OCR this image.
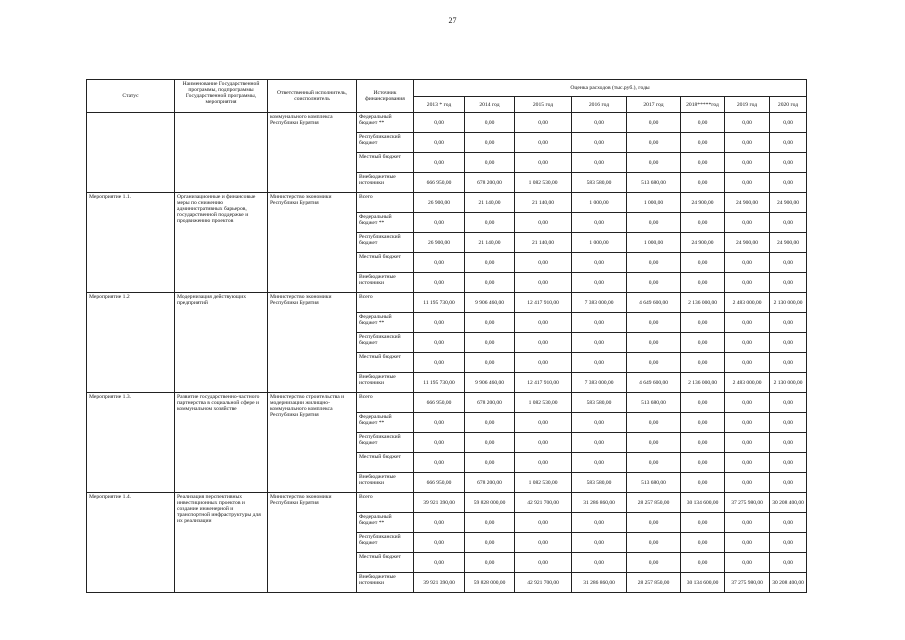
27
Статус	Наименование Государственной программы, подпрограммы Государственной программы, мероприятия	Ответственный исполнитель, соисполнитель	Источник финансирования	Оценка расходов (тыс.руб.), годы							
				2013 * год	2014 год	2015 год	2016 год	2017 год	2018*****год	2019 год	2020 год
		коммунального комплекса Республики Бурятия	Федеральный бюджет **	0,00	0,00	0,00	0,00	0,00	0,00	0,00	0,00
			Республиканский бюджет	0,00	0,00	0,00	0,00	0,00	0,00	0,00	0,00
			Местный бюджет	0,00	0,00	0,00	0,00	0,00	0,00	0,00	0,00
			Внебюджетные источники	666 950,00	678 200,00	1 082 530,00	583 580,00	513 680,00	0,00	0,00	0,00
Мероприятие 1.1.	Организационные и финансовые меры по снижению административных барьеров, государственной поддержке и продвижению проектов	Министерство экономики Республики Бурятия	Всего	26 900,00	21 140,00	21 140,00	1 000,00	1 000,00	24 900,00	24 900,00	24 900,00
			Федеральный бюджет **	0,00	0,00	0,00	0,00	0,00	0,00	0,00	0,00
			Республиканский бюджет	26 900,00	21 140,00	21 140,00	1 000,00	1 000,00	24 900,00	24 900,00	24 900,00
			Местный бюджет	0,00	0,00	0,00	0,00	0,00	0,00	0,00	0,00
			Внебюджетные источники	0,00	0,00	0,00	0,00	0,00	0,00	0,00	0,00
Мероприятие 1.2	Модернизация действующих предприятий	Министерство экономики Республики Бурятия	Всего	11 195 730,00	9 906 460,00	12 417 910,00	7 383 000,00	4 649 600,00	2 136 000,00	2 483 000,00	2 130 000,00
			Федеральный бюджет **	0,00	0,00	0,00	0,00	0,00	0,00	0,00	0,00
			Республиканский бюджет	0,00	0,00	0,00	0,00	0,00	0,00	0,00	0,00
			Местный бюджет	0,00	0,00	0,00	0,00	0,00	0,00	0,00	0,00
			Внебюджетные источники	11 195 730,00	9 906 460,00	12 417 910,00	7 383 000,00	4 649 600,00	2 136 000,00	2 483 000,00	2 130 000,00
Мероприятие 1.3.	Развитие государственно-частного партнерства в социальной сфере и коммунальном хозяйстве	Министерство строительства и модернизации жилищно-коммунального комплекса Республики Бурятия	Всего	666 950,00	678 200,00	1 082 530,00	583 580,00	513 680,00	0,00	0,00	0,00
			Федеральный бюджет **	0,00	0,00	0,00	0,00	0,00	0,00	0,00	0,00
			Республиканский бюджет	0,00	0,00	0,00	0,00	0,00	0,00	0,00	0,00
			Местный бюджет	0,00	0,00	0,00	0,00	0,00	0,00	0,00	0,00
			Внебюджетные источники	666 950,00	678 200,00	1 082 530,00	583 580,00	513 680,00	0,00	0,00	0,00
Мероприятие 1.4.	Реализация перспективных инвестиционных проектов и создание инженерной и транспортной инфраструктуры для их реализации	Министерство экономики Республики Бурятия	Всего	39 921 390,00	59 828 000,00	42 921 700,00	31 286 860,00	28 257 850,00	30 134 600,00	37 275 980,00	30 208 400,00
			Федеральный бюджет **	0,00	0,00	0,00	0,00	0,00	0,00	0,00	0,00
			Республиканский бюджет	0,00	0,00	0,00	0,00	0,00	0,00	0,00	0,00
			Местный бюджет	0,00	0,00	0,00	0,00	0,00	0,00	0,00	0,00
			Внебюджетные источники	39 921 390,00	59 828 000,00	42 921 700,00	31 286 860,00	28 257 850,00	30 134 600,00	37 275 980,00	30 208 400,00
